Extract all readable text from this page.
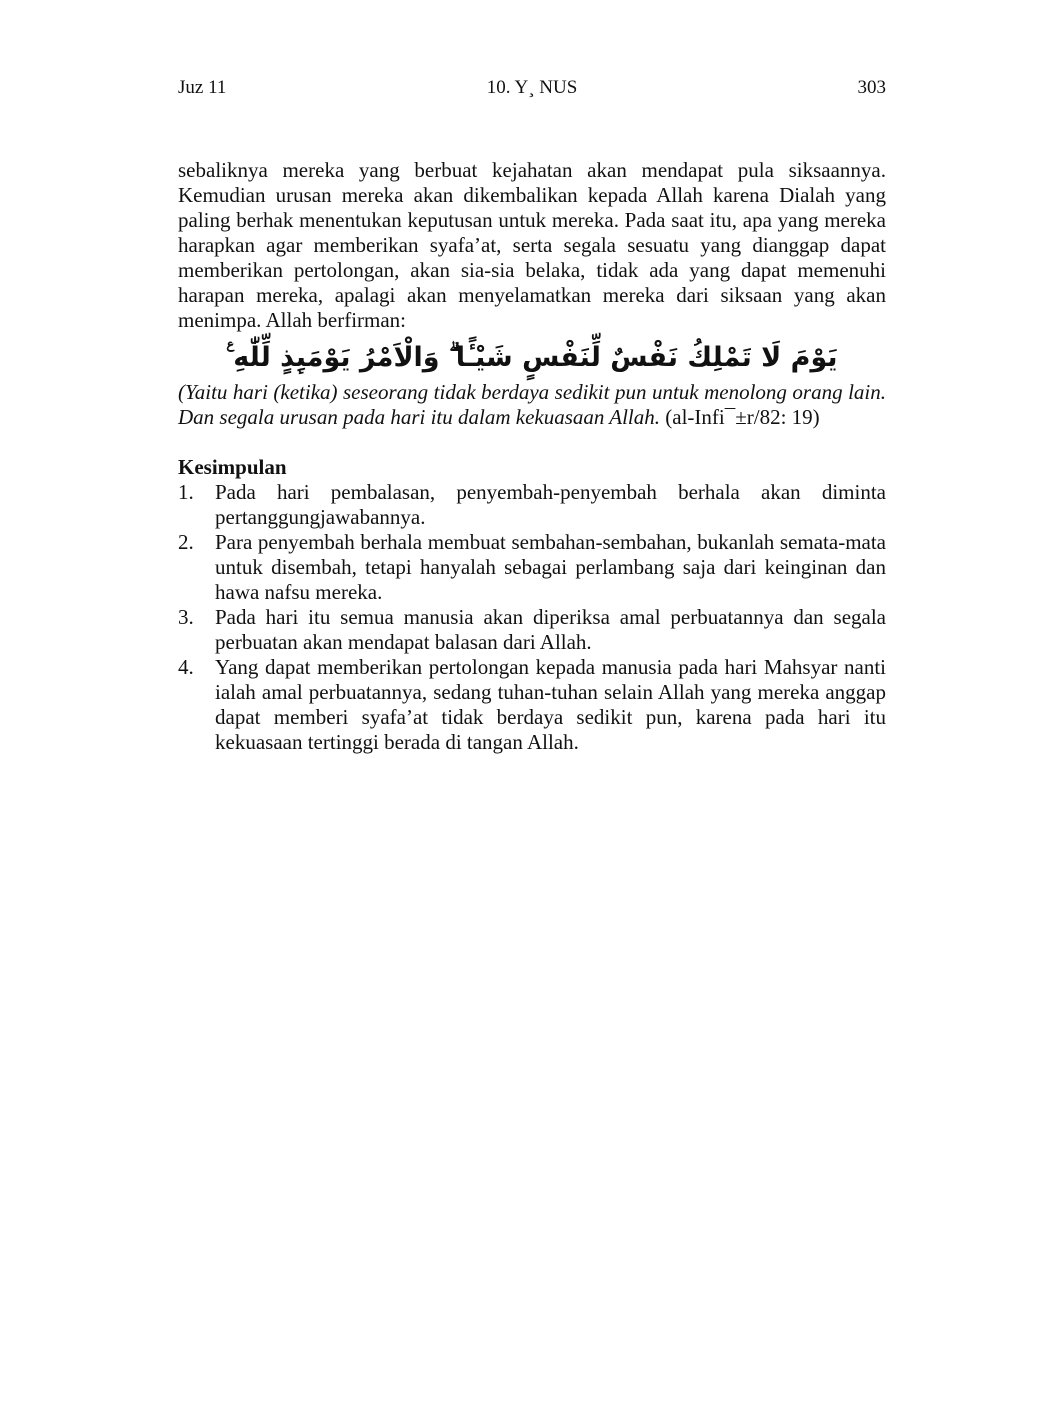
Juz 11	10. Y¸ NUS	303

sebaliknya mereka yang berbuat kejahatan akan mendapat pula siksaannya. Kemudian urusan mereka akan dikembalikan kepada Allah karena Dialah yang paling berhak menentukan keputusan untuk mereka. Pada saat itu, apa yang mereka harapkan agar memberikan syafa’at, serta segala sesuatu yang dianggap dapat memberikan pertolongan, akan sia-sia belaka, tidak ada yang dapat memenuhi harapan mereka, apalagi akan menyelamatkan mereka dari siksaan yang akan menimpa. Allah berfirman:

يَوْمَ لَا تَمْلِكُ نَفْسٌ لِّنَفْسٍ شَيْـًٔا ۗ وَالْاَمْرُ يَوْمَىِٕذٍ لِّلّٰهِ ࣖ

(Yaitu hari (ketika) seseorang tidak berdaya sedikit pun untuk menolong orang lain. Dan segala urusan pada hari itu dalam kekuasaan Allah. (al-Infi¯±r/82: 19)

Kesimpulan
1. Pada hari pembalasan, penyembah-penyembah berhala akan diminta pertanggungjawabannya.
2. Para penyembah berhala membuat sembahan-sembahan, bukanlah semata-mata untuk disembah, tetapi hanyalah sebagai perlambang saja dari keinginan dan hawa nafsu mereka.
3. Pada hari itu semua manusia akan diperiksa amal perbuatannya dan segala perbuatan akan mendapat balasan dari Allah.
4. Yang dapat memberikan pertolongan kepada manusia pada hari Mahsyar nanti ialah amal perbuatannya, sedang tuhan-tuhan selain Allah yang mereka anggap dapat memberi syafa’at tidak berdaya sedikit pun, karena pada hari itu kekuasaan tertinggi berada di tangan Allah.
